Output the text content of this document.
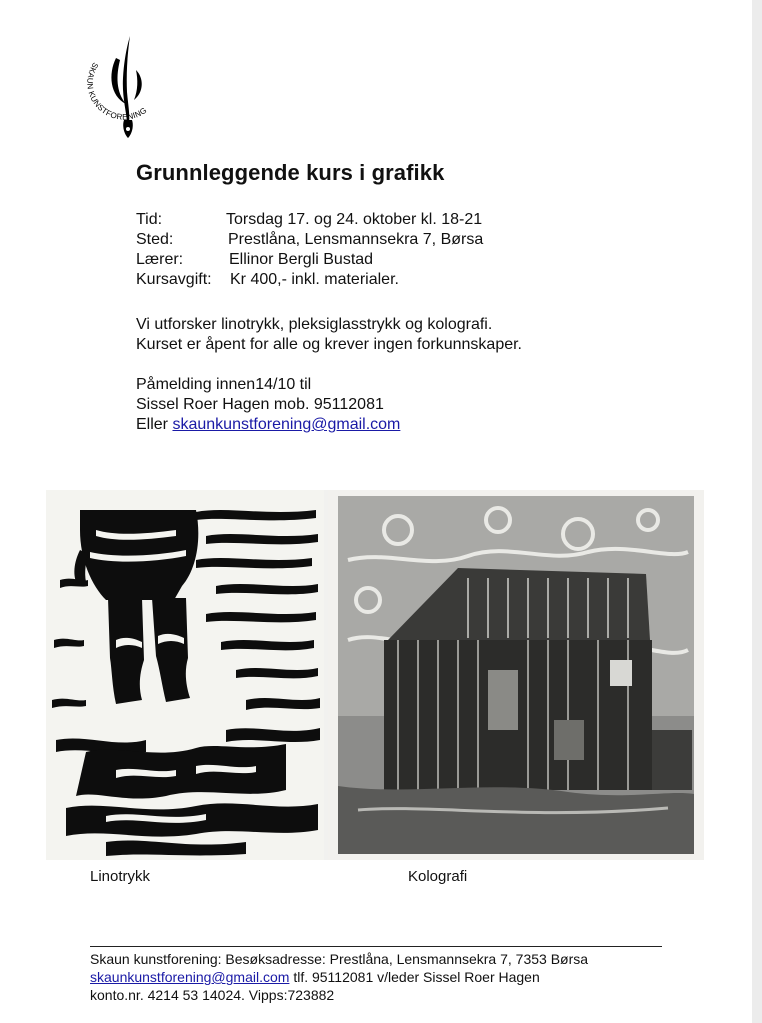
SKAUN KUNSTFORENING
Grunnleggende kurs i grafikk
Tid:	Torsdag 17. og 24. oktober kl. 18-21
Sted:	Prestlåna, Lensmannsekra 7, Børsa
Lærer:	Ellinor Bergli Bustad
Kursavgift:	Kr 400,- inkl. materialer.
Vi utforsker linotrykk, pleksiglasstrykk og kolografi.
Kurset er åpent for alle og krever ingen forkunnskaper.
Påmelding innen14/10 til
Sissel Roer Hagen mob. 95112081
Eller skaunkunstforening@gmail.com
Linotrykk	Kolografi
Skaun kunstforening: Besøksadresse: Prestlåna, Lensmannsekra 7, 7353 Børsa
skaunkunstforening@gmail.com tlf. 95112081 v/leder Sissel Roer Hagen
konto.nr. 4214 53 14024. Vipps:723882
